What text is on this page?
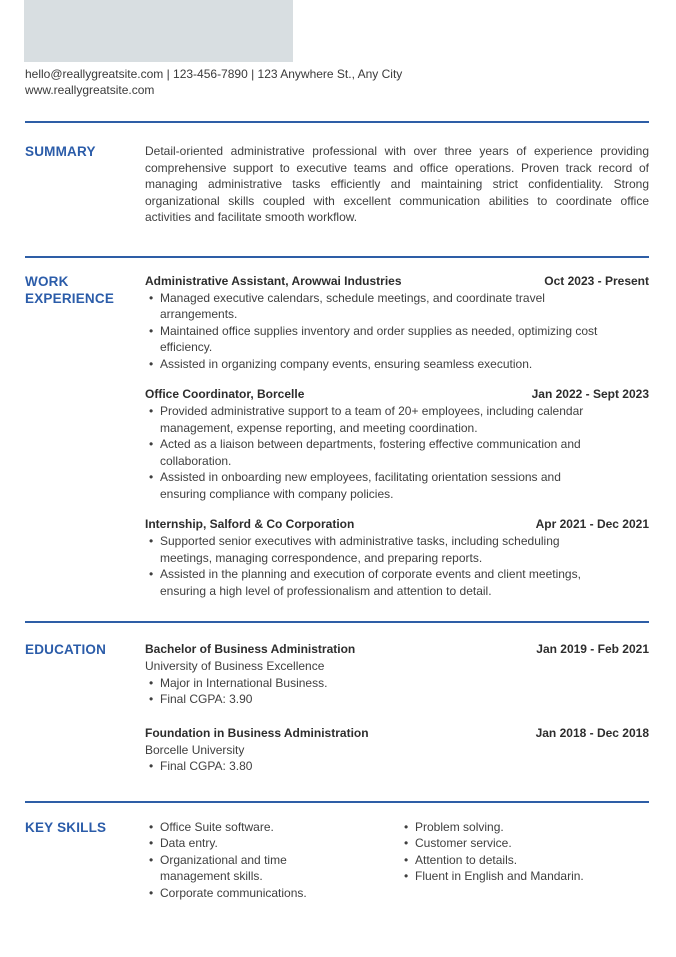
hello@reallygreatsite.com | 123-456-7890 | 123 Anywhere St., Any City
www.reallygreatsite.com
SUMMARY	Detail-oriented administrative professional with over three years of experience providing comprehensive support to executive teams and office operations. Proven track record of managing administrative tasks efficiently and maintaining strict confidentiality. Strong organizational skills coupled with excellent communication abilities to coordinate office activities and facilitate smooth workflow.
WORK EXPERIENCE
Administrative Assistant, Arowwai Industries	Oct 2023 - Present
• Managed executive calendars, schedule meetings, and coordinate travel arrangements.
• Maintained office supplies inventory and order supplies as needed, optimizing cost efficiency.
• Assisted in organizing company events, ensuring seamless execution.
Office Coordinator, Borcelle	Jan 2022 - Sept 2023
• Provided administrative support to a team of 20+ employees, including calendar management, expense reporting, and meeting coordination.
• Acted as a liaison between departments, fostering effective communication and collaboration.
• Assisted in onboarding new employees, facilitating orientation sessions and ensuring compliance with company policies.
Internship, Salford & Co Corporation	Apr 2021 - Dec 2021
• Supported senior executives with administrative tasks, including scheduling meetings, managing correspondence, and preparing reports.
• Assisted in the planning and execution of corporate events and client meetings, ensuring a high level of professionalism and attention to detail.
EDUCATION	Bachelor of Business Administration	Jan 2019 - Feb 2021
University of Business Excellence
• Major in International Business.
• Final CGPA: 3.90
Foundation in Business Administration	Jan 2018 - Dec 2018
Borcelle University
• Final CGPA: 3.80
KEY SKILLS	• Office Suite software.
• Data entry.
• Organizational and time management skills.
• Corporate communications.
• Problem solving.
• Customer service.
• Attention to details.
• Fluent in English and Mandarin.
